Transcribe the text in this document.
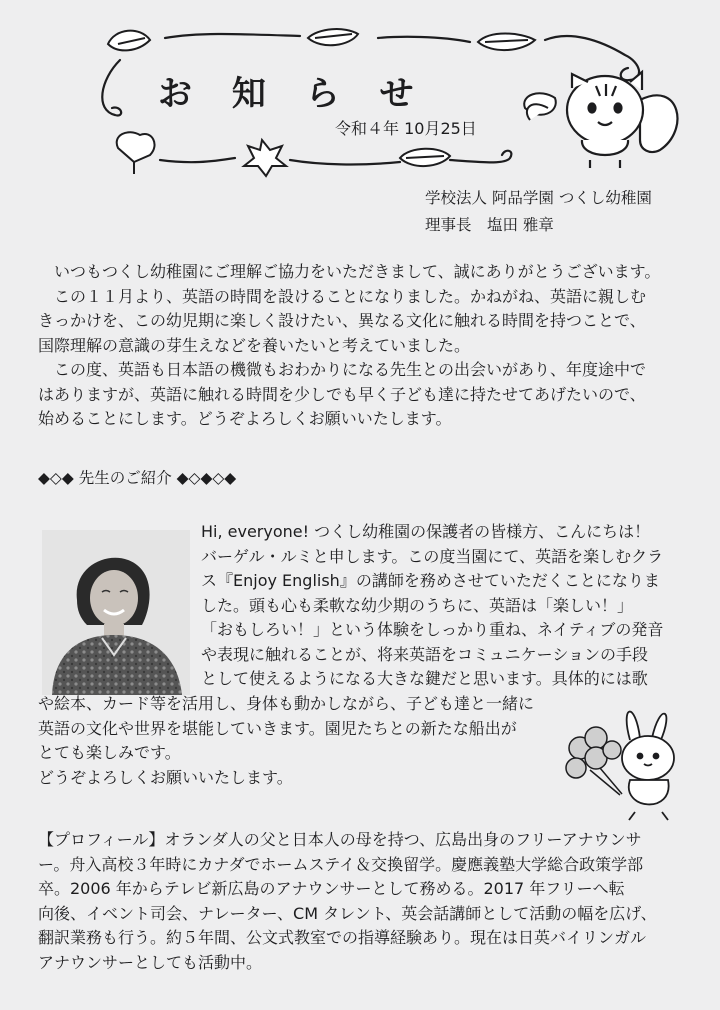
お 知 ら せ
令和４年 10月25日
学校法人 阿品学園 つくし幼稚園
理事長　塩田 雅章
いつもつくし幼稚園にご理解ご協力をいただきまして、誠にありがとうございます。
この１１月より、英語の時間を設けることになりました。かねがね、英語に親しむ
きっかけを、この幼児期に楽しく設けたい、異なる文化に触れる時間を持つことで、
国際理解の意識の芽生えなどを養いたいと考えていました。
この度、英語も日本語の機微もおわかりになる先生との出会いがあり、年度途中で
はありますが、英語に触れる時間を少しでも早く子ども達に持たせてあげたいので、
始めることにします。どうぞよろしくお願いいたします。
◆◇◆ 先生のご紹介 ◆◇◆◇◆
Hi, everyone! つくし幼稚園の保護者の皆様方、こんにちは！
バーゲル・ルミと申します。この度当園にて、英語を楽しむクラ
ス『Enjoy English』の講師を務めさせていただくことになりま
した。頭も心も柔軟な幼少期のうちに、英語は「楽しい！」
「おもしろい！」という体験をしっかり重ね、ネイティブの発音
や表現に触れることが、将来英語をコミュニケーションの手段
として使えるようになる大きな鍵だと思います。具体的には歌
や絵本、カード等を活用し、身体も動かしながら、子ども達と一緒に
英語の文化や世界を堪能していきます。園児たちとの新たな船出が
とても楽しみです。
どうぞよろしくお願いいたします。
【プロフィール】オランダ人の父と日本人の母を持つ、広島出身のフリーアナウンサ
ー。舟入高校３年時にカナダでホームステイ＆交換留学。慶應義塾大学総合政策学部
卒。2006 年からテレビ新広島のアナウンサーとして務める。2017 年フリーへ転
向後、イベント司会、ナレーター、CM タレント、英会話講師として活動の幅を広げ、
翻訳業務も行う。約５年間、公文式教室での指導経験あり。現在は日英バイリンガル
アナウンサーとしても活動中。
